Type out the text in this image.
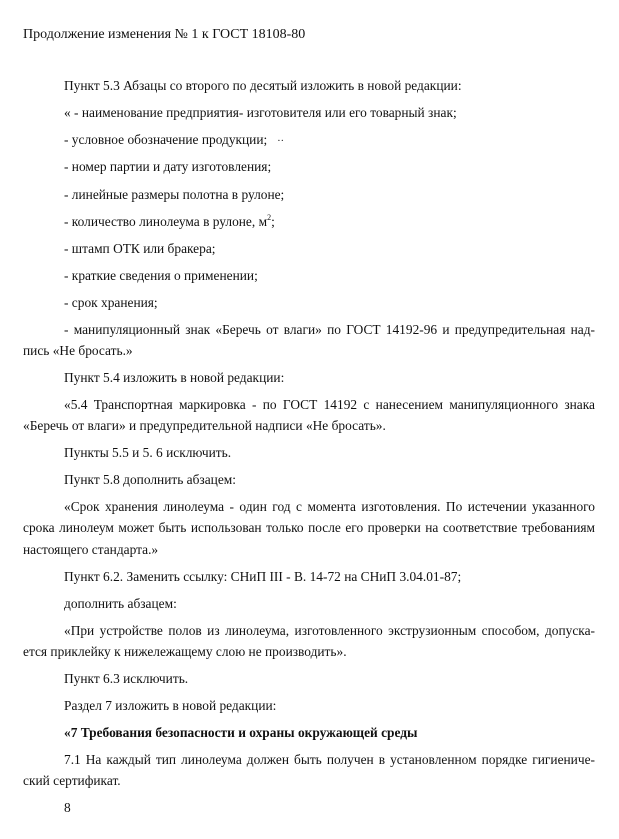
Продолжение изменения № 1 к ГОСТ 18108-80

Пункт 5.3 Абзацы со второго по десятый изложить в новой редакции:

« - наименование предприятия- изготовителя или его товарный знак;

- условное обозначение продукции; ··

- номер партии и дату изготовления;

- линейные размеры полотна в рулоне;

- количество линолеума в рулоне, $м^2$;

- штамп ОТК или бракера;

- краткие сведения о применении;

- срок хранения;

- манипуляционный знак «Беречь от влаги» по ГОСТ 14192-96 и предупредительная над-

пись «Не бросать.»

Пункт 5.4 изложить в новой редакции:

«5.4 Транспортная маркировка - по ГОСТ 14192 с нанесением манипуляционного знака

«Беречь от влаги» и предупредительной надписи «Не бросать».

Пункты 5.5 и 5. 6 исключить.

Пункт 5.8 дополнить абзацем:

«Срок хранения линолеума - один год с момента изготовления. По истечении указанного

срока линолеум может быть использован только после его проверки на соответствие требованиям

настоящего стандарта.»

Пункт 6.2. Заменить ссылку: СНиП III - В. 14-72 на СНиП 3.04.01-87;

дополнить абзацем:

«При устройстве полов из линолеума, изготовленного экструзионным способом, допуска-

ется приклейку к нижележащему слою не производить».

Пункт 6.3 исключить.

Раздел 7 изложить в новой редакции:

«7 Требования безопасности и охраны окружающей среды

7.1 На каждый тип линолеума должен быть получен в установленном порядке гигиениче-

ский сертификат.

8
